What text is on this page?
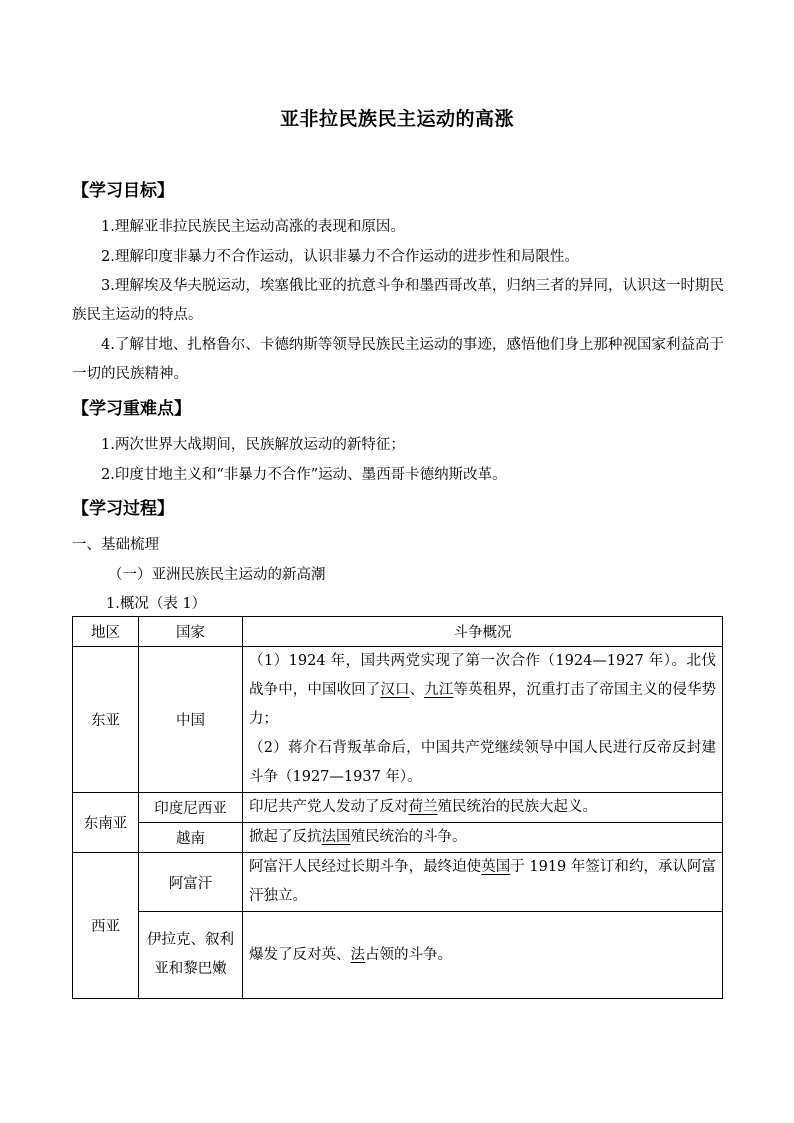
亚非拉民族民主运动的高涨
【学习目标】
1.理解亚非拉民族民主运动高涨的表现和原因。
2.理解印度非暴力不合作运动，认识非暴力不合作运动的进步性和局限性。
3.理解埃及华夫脱运动，埃塞俄比亚的抗意斗争和墨西哥改革，归纳三者的异同，认识这一时期民族民主运动的特点。
4.了解甘地、扎格鲁尔、卡德纳斯等领导民族民主运动的事迹，感悟他们身上那种视国家利益高于一切的民族精神。
【学习重难点】
1.两次世界大战期间，民族解放运动的新特征；
2.印度甘地主义和“非暴力不合作”运动、墨西哥卡德纳斯改革。
【学习过程】
一、基础梳理
（一）亚洲民族民主运动的新高潮
1.概况（表 1）
地区	国家	斗争概况
东亚	中国	（1）1924 年，国共两党实现了第一次合作（1924—1927 年）。北伐战争中，中国收回了汉口、九江等英租界，沉重打击了帝国主义的侵华势力；
（2）蒋介石背叛革命后，中国共产党继续领导中国人民进行反帝反封建斗争（1927—1937 年）。

东南亚	印度尼西亚	印尼共产党人发动了反对荷兰殖民统治的民族大起义。
	越南	掀起了反抗法国殖民统治的斗争。
西亚	阿富汗	阿富汗人民经过长期斗争，最终迫使英国于 1919 年签订和约，承认阿富汗独立。
	伊拉克、叙利亚和黎巴嫩	爆发了反对英、法占领的斗争。
